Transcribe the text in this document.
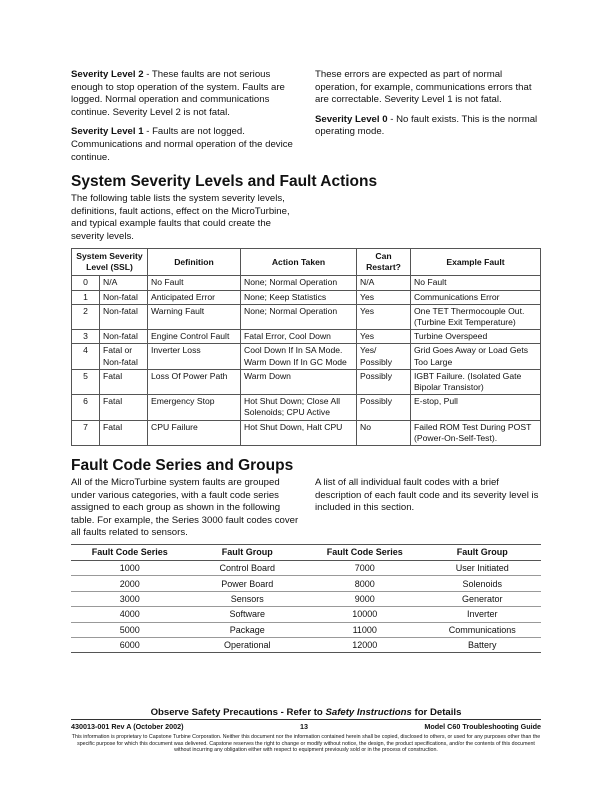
Severity Level 2 - These faults are not serious enough to stop operation of the system. Faults are logged. Normal operation and communications continue. Severity Level 2 is not fatal.

Severity Level 1 - Faults are not logged. Communications and normal operation of the device continue.

These errors are expected as part of normal operation, for example, communications errors that are correctable. Severity Level 1 is not fatal.

Severity Level 0 - No fault exists. This is the normal operating mode.

System Severity Levels and Fault Actions
The following table lists the system severity levels, definitions, fault actions, effect on the MicroTurbine, and typical example faults that could create the severity levels.
System Severity Level (SSL)		Definition	Action Taken	Can Restart?	Example Fault
0	N/A	No Fault	None; Normal Operation	N/A	No Fault
1	Non-fatal	Anticipated Error	None; Keep Statistics	Yes	Communications Error
2	Non-fatal	Warning Fault	None; Normal Operation	Yes	One TET Thermocouple Out. (Turbine Exit Temperature)
3	Non-fatal	Engine Control Fault	Fatal Error, Cool Down	Yes	Turbine Overspeed
4	Fatal or Non-fatal	Inverter Loss	Cool Down If In SA Mode. Warm Down If In GC Mode	Yes/ Possibly	Grid Goes Away or Load Gets Too Large
5	Fatal	Loss Of Power Path	Warm Down	Possibly	IGBT Failure. (Isolated Gate Bipolar Transistor)
6	Fatal	Emergency Stop	Hot Shut Down; Close All Solenoids; CPU Active	Possibly	E-stop, Pull
7	Fatal	CPU Failure	Hot Shut Down, Halt CPU	No	Failed ROM Test During POST (Power-On-Self-Test).
Fault Code Series and Groups
All of the MicroTurbine system faults are grouped under various categories, with a fault code series assigned to each group as shown in the following table. For example, the Series 3000 fault codes cover all faults related to sensors.
A list of all individual fault codes with a brief description of each fault code and its severity level is included in this section.
Fault Code Series	Fault Group	Fault Code Series	Fault Group
1000	Control Board	7000	User Initiated
2000	Power Board	8000	Solenoids
3000	Sensors	9000	Generator
4000	Software	10000	Inverter
5000	Package	11000	Communications
6000	Operational	12000	Battery
Observe Safety Precautions - Refer to Safety Instructions for Details
430013-001 Rev A (October 2002)	13	Model C60 Troubleshooting Guide
This information is proprietary to Capstone Turbine Corporation. Neither this document nor the information contained herein shall be copied, disclosed to others, or used for any purposes other than the specific purpose for which this document was delivered. Capstone reserves the right to change or modify without notice, the design, the product specifications, and/or the contents of this document without incurring any obligation either with respect to equipment previously sold or in the process of construction.
